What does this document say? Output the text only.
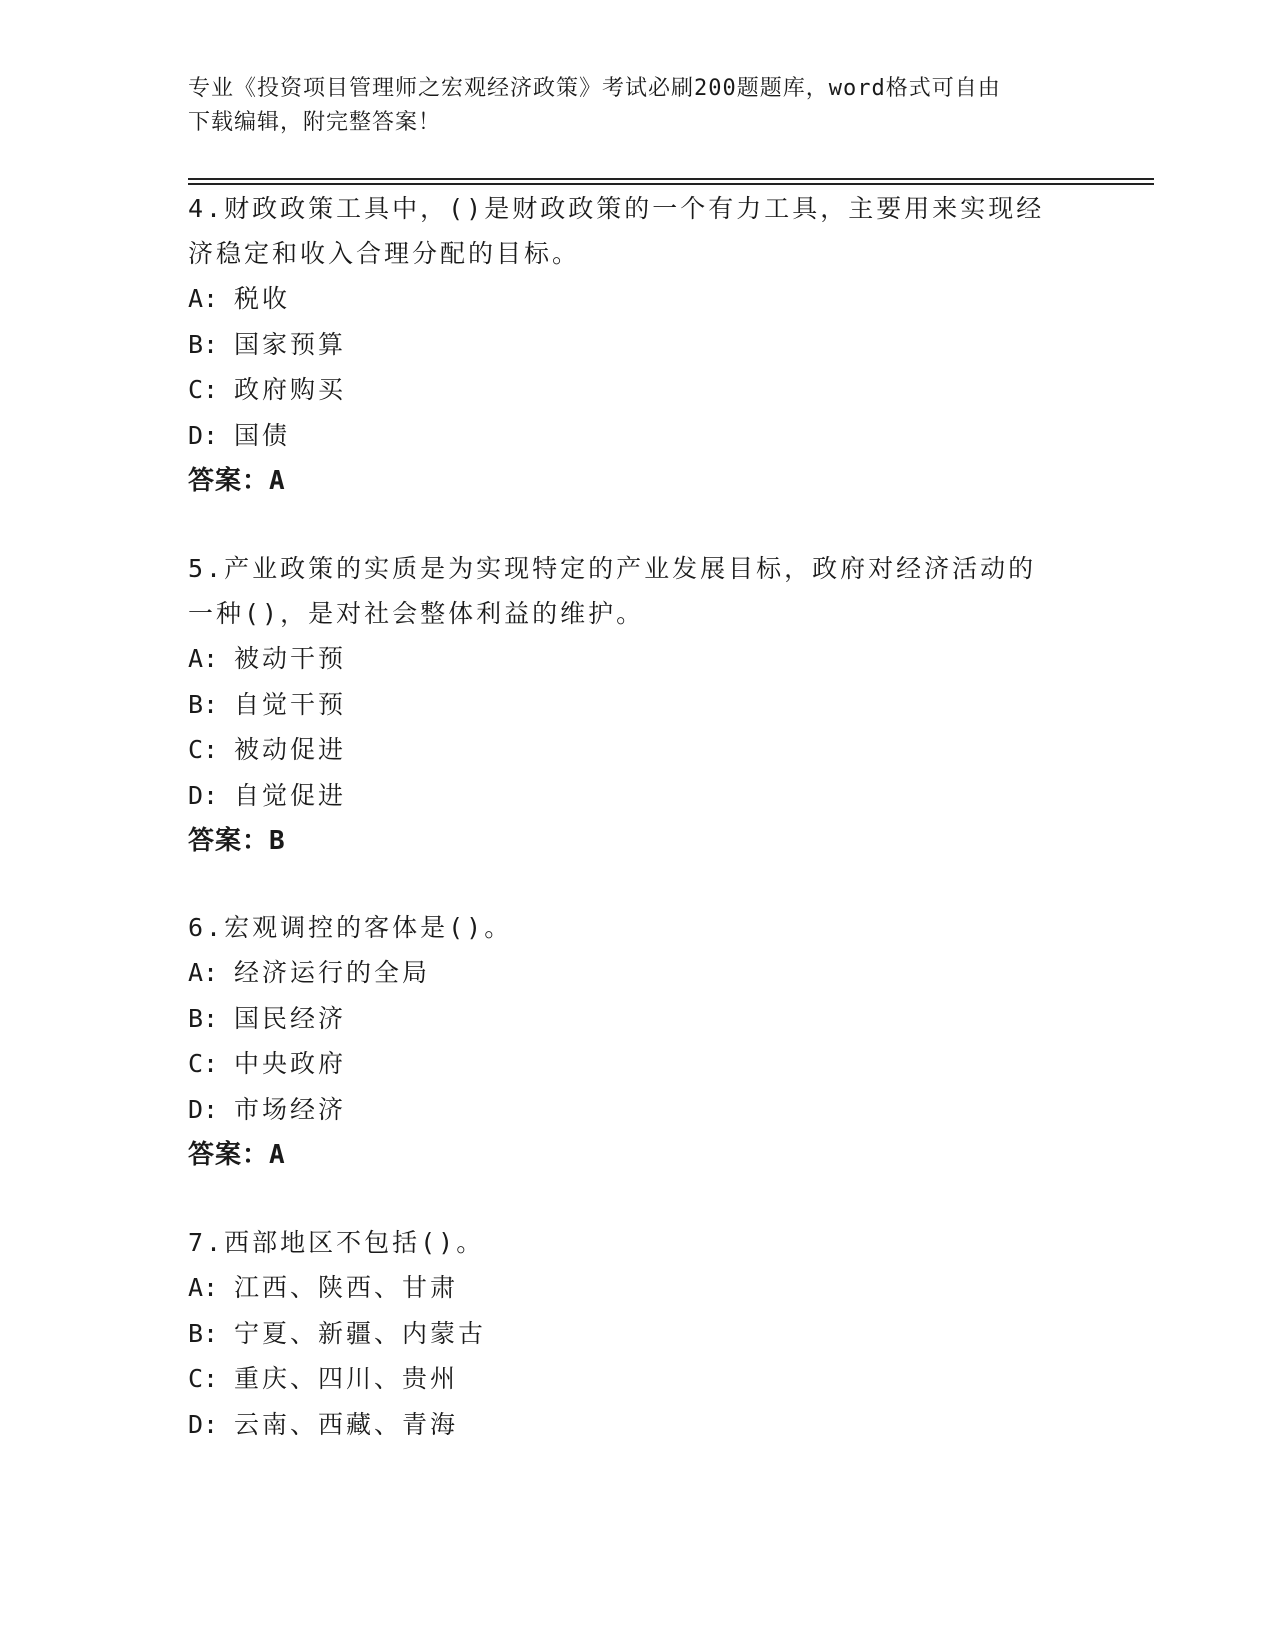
专业《投资项目管理师之宏观经济政策》考试必刷200题题库，word格式可自由
下载编辑，附完整答案！

4.财政政策工具中，()是财政政策的一个有力工具，主要用来实现经

济稳定和收入合理分配的目标。

A: 税收

B: 国家预算

C: 政府购买

D: 国债

答案：A

5.产业政策的实质是为实现特定的产业发展目标，政府对经济活动的

一种()，是对社会整体利益的维护。

A: 被动干预

B: 自觉干预

C: 被动促进

D: 自觉促进

答案：B

6.宏观调控的客体是()。

A: 经济运行的全局

B: 国民经济

C: 中央政府

D: 市场经济

答案：A

7.西部地区不包括()。

A: 江西、陕西、甘肃

B: 宁夏、新疆、内蒙古

C: 重庆、四川、贵州

D: 云南、西藏、青海
